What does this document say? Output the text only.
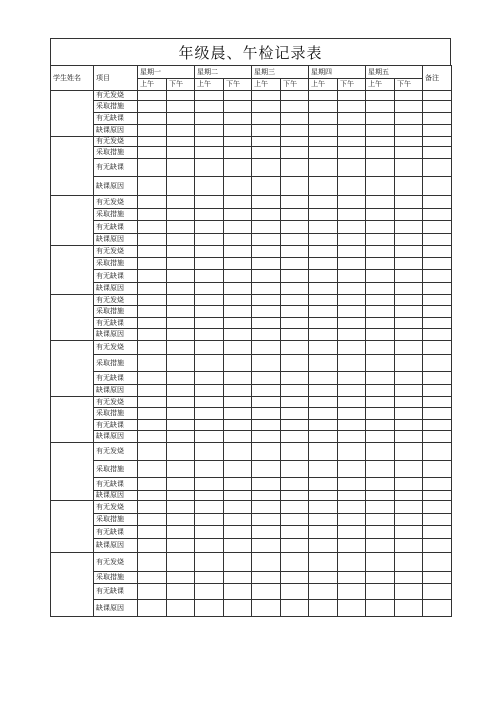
年级晨、午检记录表
学生姓名	项目	星期一		星期二		星期三		星期四		星期五		备注
		上午	下午	上午	下午	上午	下午	上午	下午	上午	下午	
	有无发烧											
	采取措施											
	有无缺课											
	缺课原因											
	有无发烧											
	采取措施											
	有无缺课											
	缺课原因											
	有无发烧											
	采取措施											
	有无缺课											
	缺课原因											
	有无发烧											
	采取措施											
	有无缺课											
	缺课原因											
	有无发烧											
	采取措施											
	有无缺课											
	缺课原因											
	有无发烧											
	采取措施											
	有无缺课											
	缺课原因											
	有无发烧											
	采取措施											
	有无缺课											
	缺课原因											
	有无发烧											
	采取措施											
	有无缺课											
	缺课原因											
	有无发烧											
	采取措施											
	有无缺课											
	缺课原因											
	有无发烧											
	采取措施											
	有无缺课											
	缺课原因											
